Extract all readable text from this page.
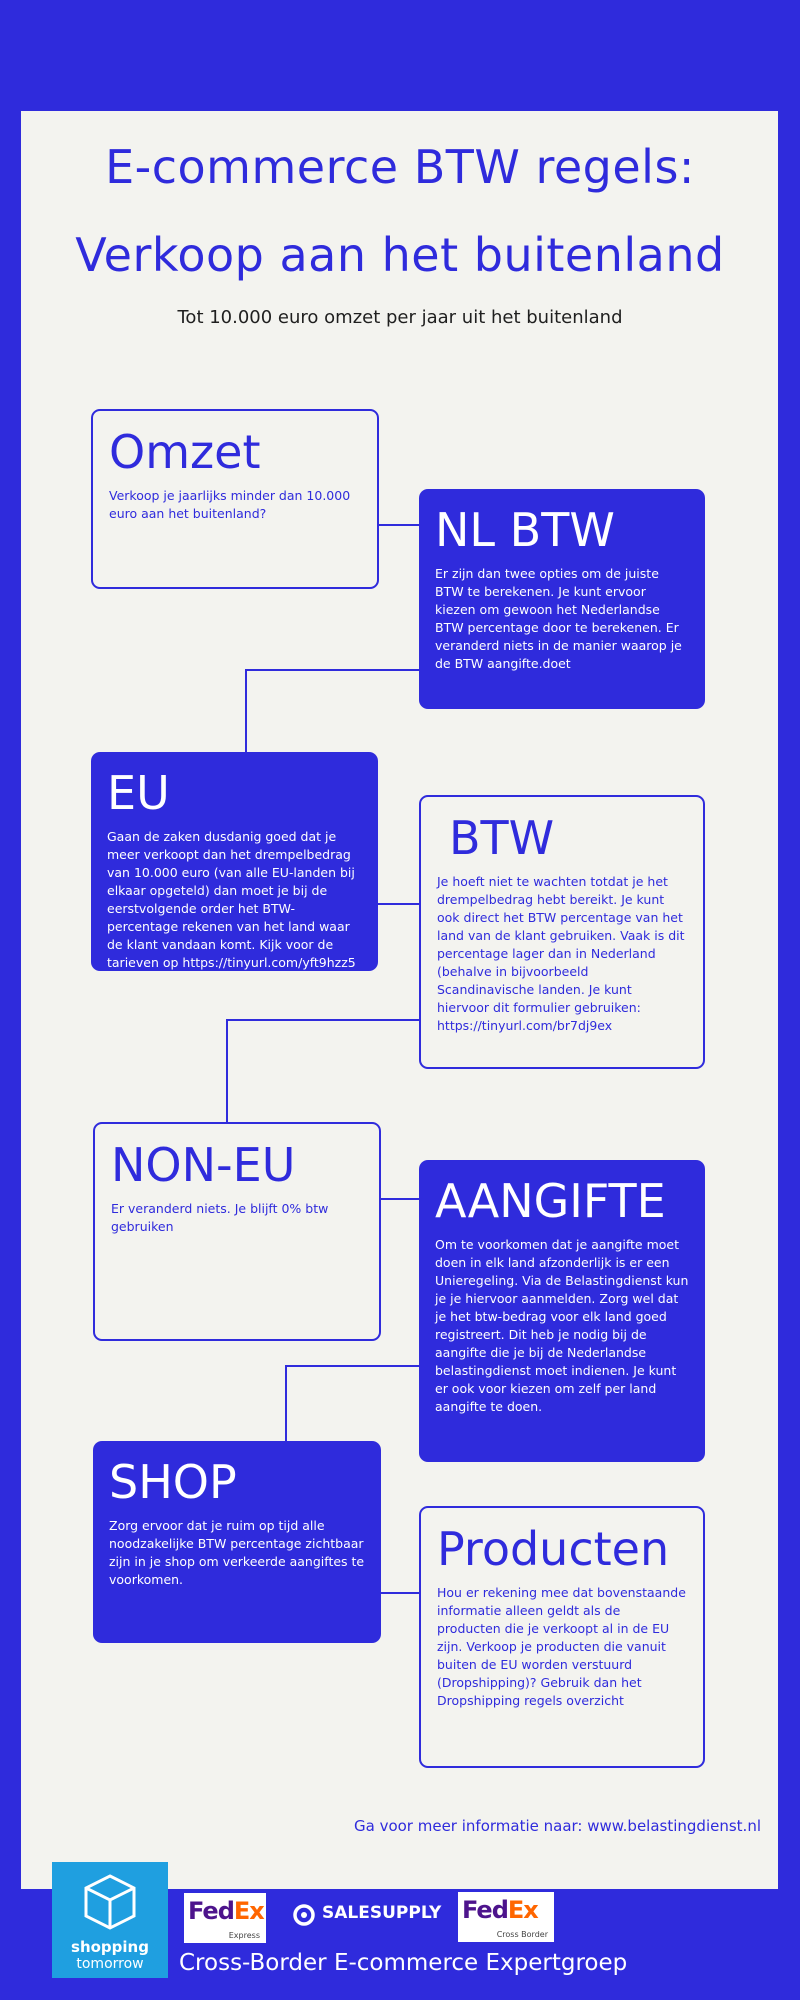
E-commerce BTW regels:
Verkoop aan het buitenland
Tot 10.000 euro omzet per jaar uit het buitenland
Omzet

Verkoop je jaarlijks minder dan 10.000 euro aan het buitenland?	NL BTW

Er zijn dan twee opties om de juiste BTW te berekenen. Je kunt ervoor kiezen om gewoon het Nederlandse BTW percentage door te berekenen. Er veranderd niets in de manier waarop je de BTW aangifte.doet

EU

Gaan de zaken dusdanig goed dat je meer verkoopt dan het drempelbedrag van 10.000 euro (van alle EU-landen bij elkaar opgeteld) dan moet je bij de eerstvolgende order het BTW-percentage rekenen van het land waar de klant vandaan komt. Kijk voor de tarieven op https://tinyurl.com/yft9hzz5

BTW

Je hoeft niet te wachten totdat je het drempelbedrag hebt bereikt. Je kunt ook direct het BTW percentage van het land van de klant gebruiken. Vaak is dit percentage lager dan in Nederland (behalve in bijvoorbeeld Scandinavische landen. Je kunt hiervoor dit formulier gebruiken: https://tinyurl.com/br7dj9ex

NON-EU

Er veranderd niets. Je blijft 0% btw gebruiken	AANGIFTE

Om te voorkomen dat je aangifte moet doen in elk land afzonderlijk is er een Unieregeling. Via de Belastingdienst kun je je hiervoor aanmelden. Zorg wel dat je het btw-bedrag voor elk land goed registreert. Dit heb je nodig bij de aangifte die je bij de Nederlandse belastingdienst moet indienen. Je kunt er ook voor kiezen om zelf per land aangifte te doen.

SHOP

Zorg ervoor dat je ruim op tijd alle noodzakelijke BTW percentage zichtbaar zijn in je shop om verkeerde aangiftes te voorkomen.

Producten

Hou er rekening mee dat bovenstaande informatie alleen geldt als de producten die je verkoopt al in de EU zijn. Verkoop je producten die vanuit buiten de EU worden verstuurd (Dropshipping)? Gebruik dan het Dropshipping regels overzicht

Ga voor meer informatie naar: www.belastingdienst.nl
shopping
tomorrow
FedEx
Express
SALESUPPLY FedEx
Cross Border
Cross-Border E-commerce Expertgroep
